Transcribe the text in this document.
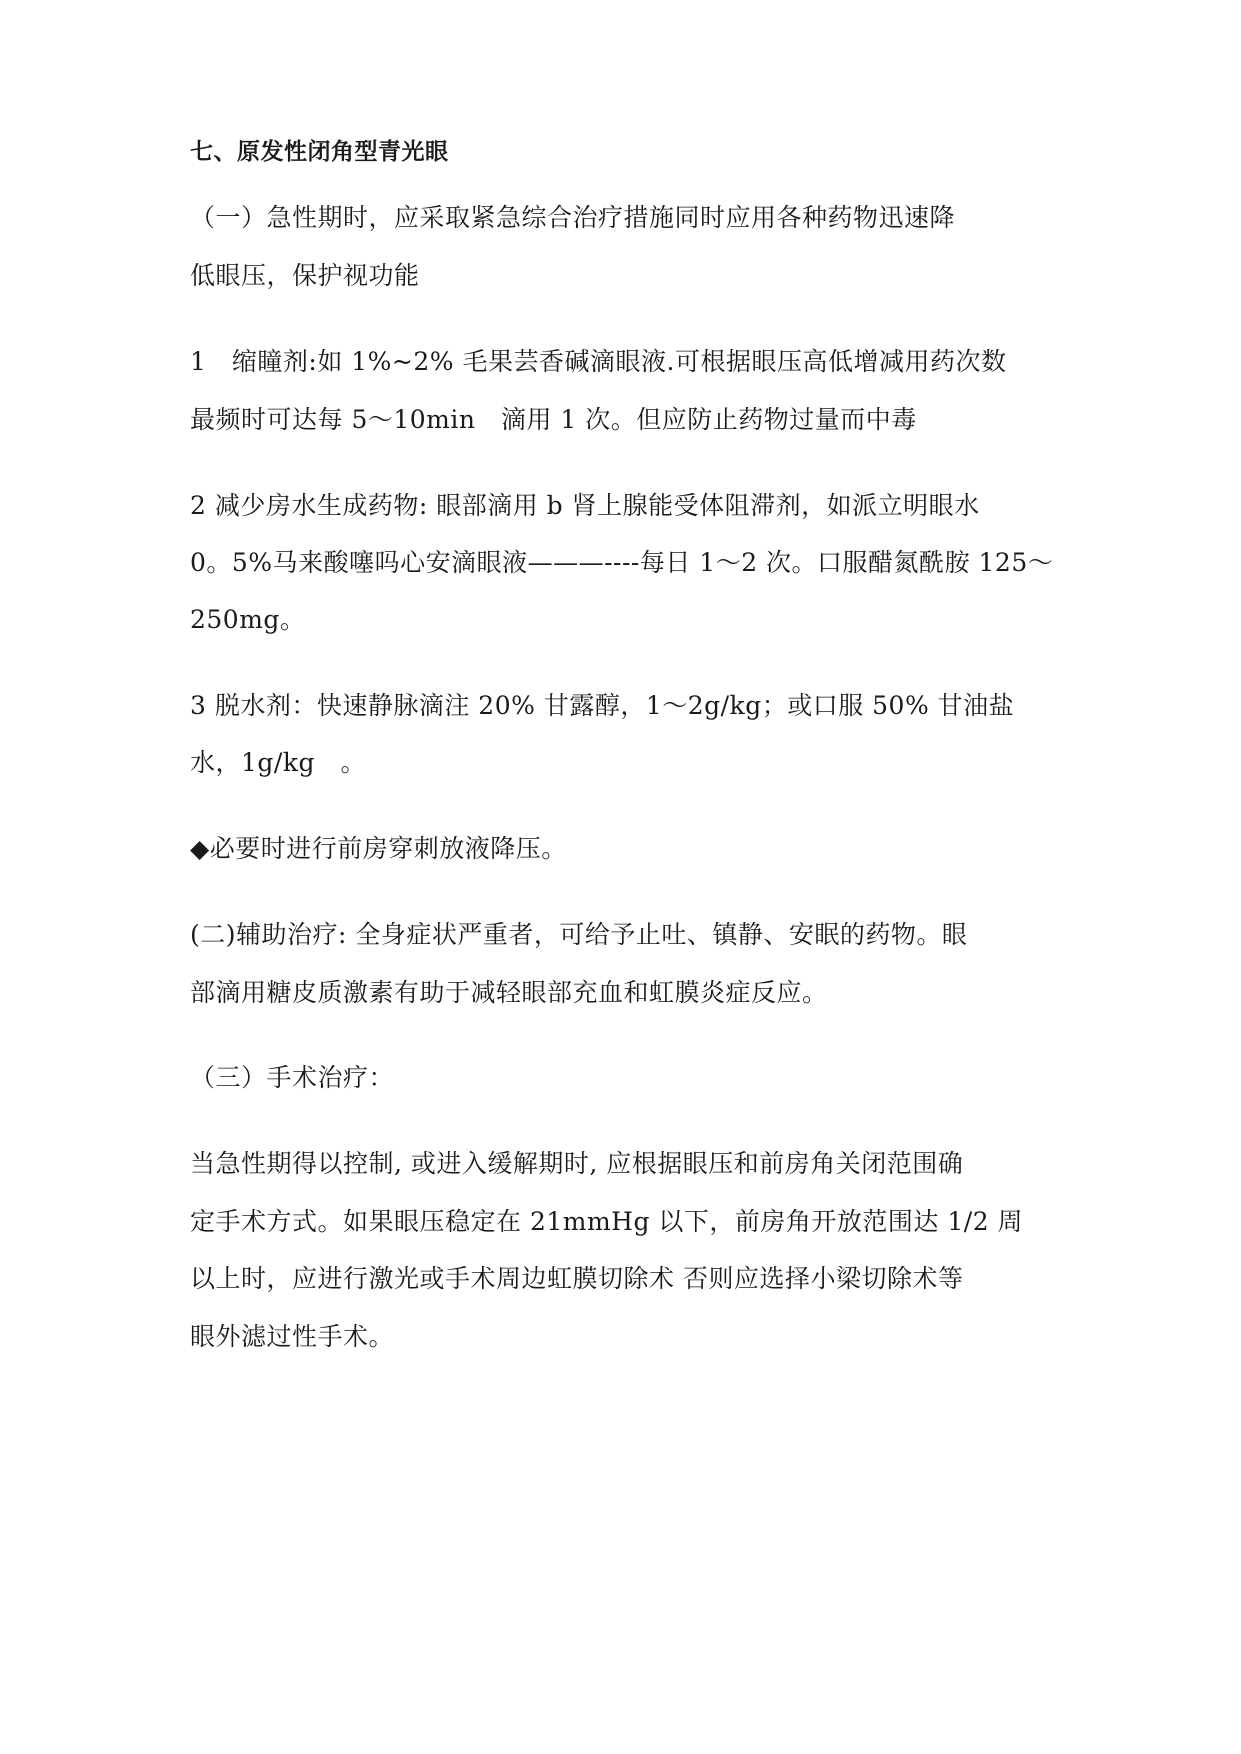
七、原发性闭角型青光眼
（一）急性期时，应采取紧急综合治疗措施同时应用各种药物迅速降
低眼压，保护视功能
1　缩瞳剂:如 1%~2% 毛果芸香碱滴眼液.可根据眼压高低增减用药次数
最频时可达每 5～10min　滴用 1 次。但应防止药物过量而中毒
2 减少房水生成药物: 眼部滴用 b 肾上腺能受体阻滞剂，如派立明眼水
0。5%马来酸噻吗心安滴眼液———----每日 1～2 次。口服醋氮酰胺 125～
250mg。
3 脱水剂：快速静脉滴注 20% 甘露醇，1～2g/kg；或口服 50% 甘油盐
水，1g/kg　。
◆必要时进行前房穿刺放液降压。
(二)辅助治疗: 全身症状严重者，可给予止吐、镇静、安眠的药物。眼
部滴用糖皮质激素有助于减轻眼部充血和虹膜炎症反应。
（三）手术治疗：
当急性期得以控制, 或进入缓解期时, 应根据眼压和前房角关闭范围确
定手术方式。如果眼压稳定在 21mmHg 以下，前房角开放范围达 1/2 周
以上时，应进行激光或手术周边虹膜切除术 否则应选择小梁切除术等
眼外滤过性手术。
